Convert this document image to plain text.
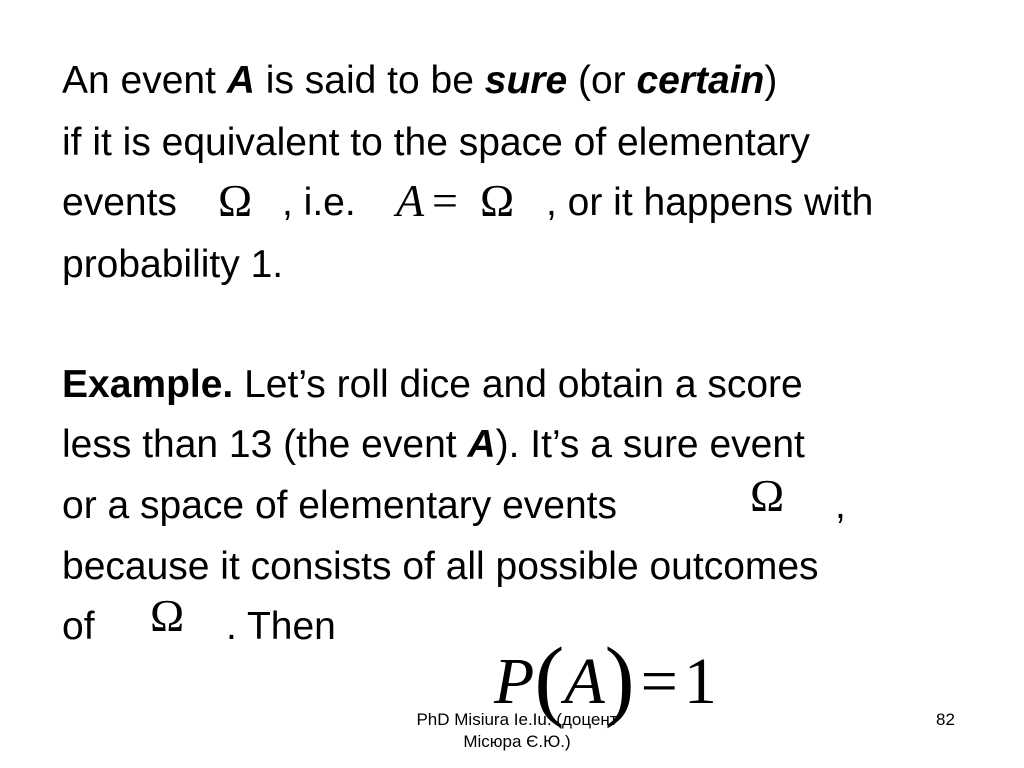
An event A is said to be sure (or certain)
if it is equivalent to the space of elementary
events Ω , i.e. A = Ω , or it happens with
probability 1.
Example. Let’s roll dice and obtain a score
less than 13 (the event A). It’s a sure event
or a space of elementary events	Ω ,
because it consists of all possible outcomes
of Ω . Then
P(A)=1
PhD Misiura Ie.Iu. (доцент
Місюра Є.Ю.)
82
